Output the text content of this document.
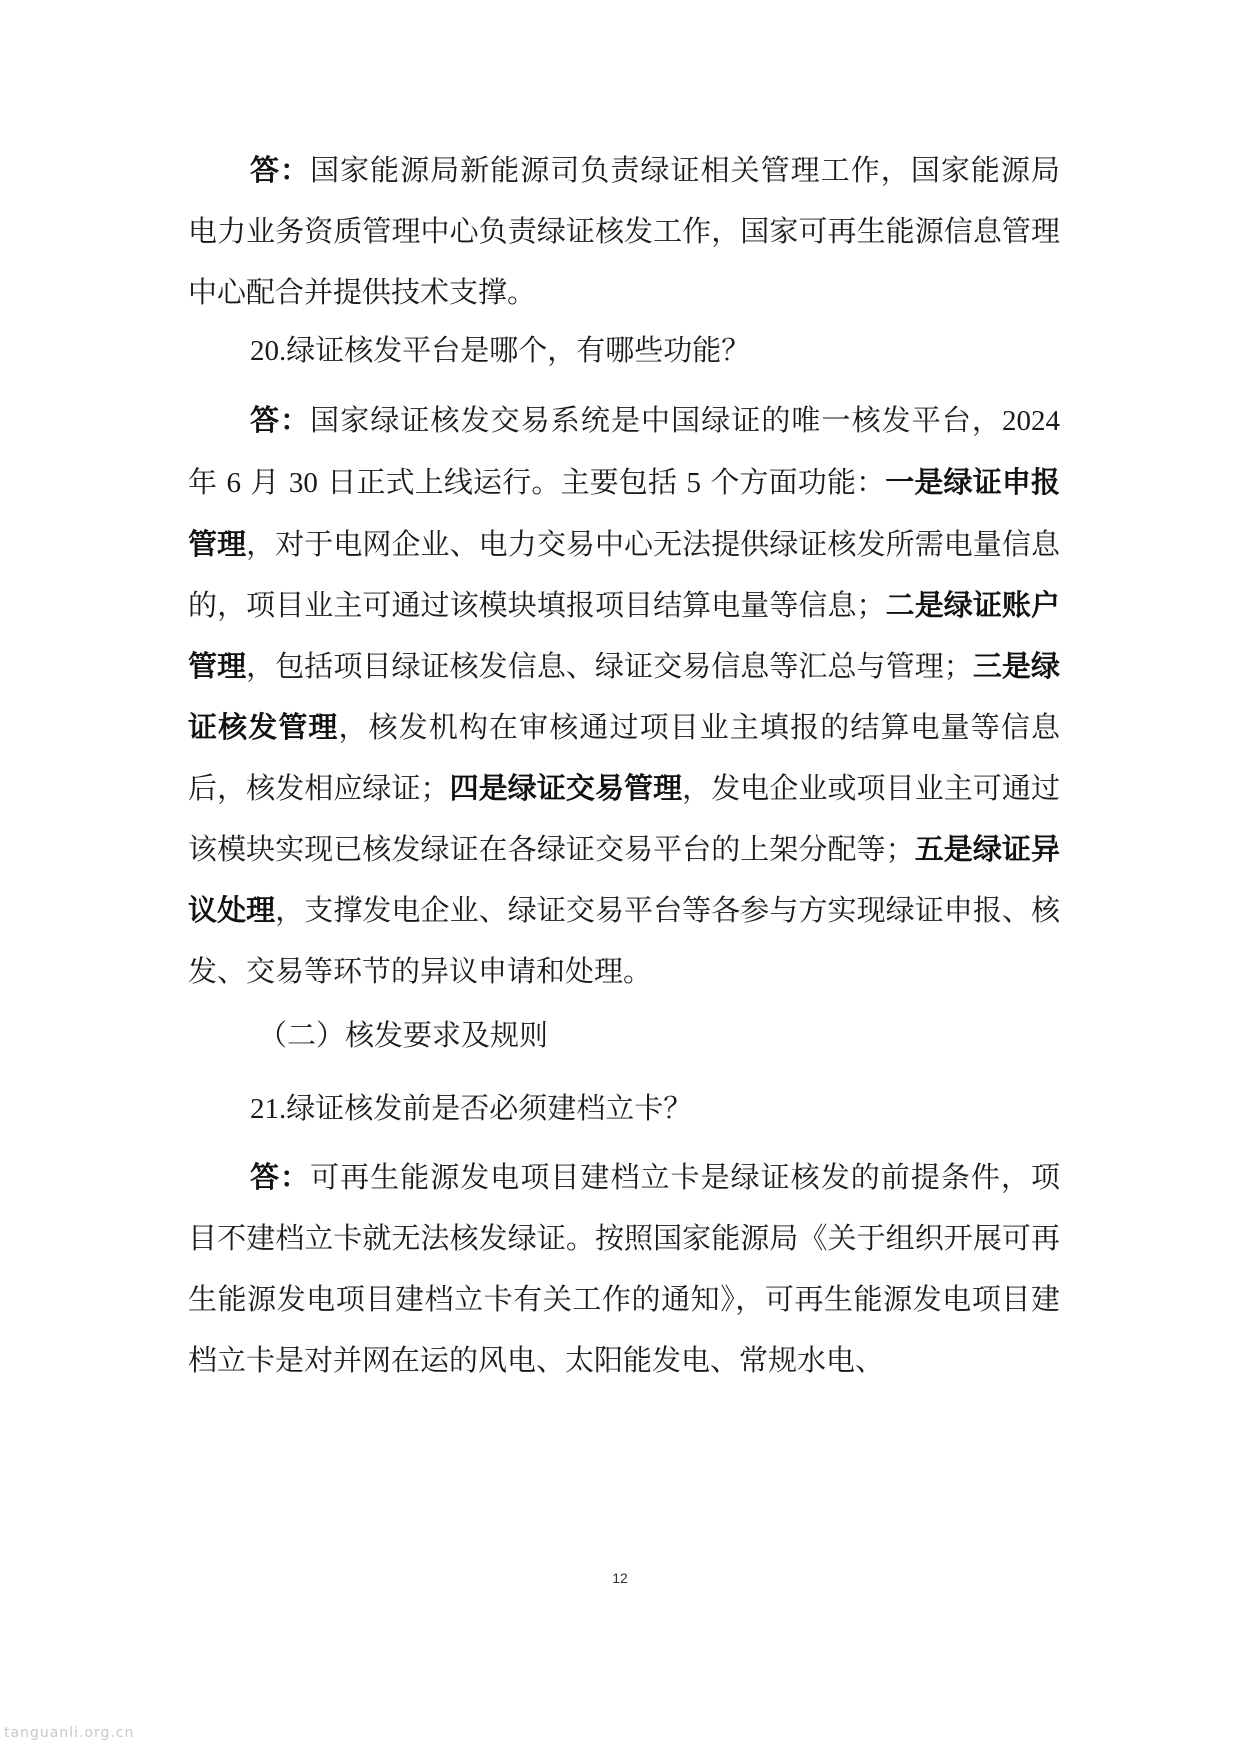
答：国家能源局新能源司负责绿证相关管理工作，国家能源局电力业务资质管理中心负责绿证核发工作，国家可再生能源信息管理中心配合并提供技术支撑。

20.绿证核发平台是哪个，有哪些功能？

答：国家绿证核发交易系统是中国绿证的唯一核发平台，2024 年 6 月 30 日正式上线运行。主要包括 5 个方面功能：一是绿证申报管理，对于电网企业、电力交易中心无法提供绿证核发所需电量信息的，项目业主可通过该模块填报项目结算电量等信息；二是绿证账户管理，包括项目绿证核发信息、绿证交易信息等汇总与管理；三是绿证核发管理，核发机构在审核通过项目业主填报的结算电量等信息后，核发相应绿证；四是绿证交易管理，发电企业或项目业主可通过该模块实现已核发绿证在各绿证交易平台的上架分配等；五是绿证异议处理，支撑发电企业、绿证交易平台等各参与方实现绿证申报、核发、交易等环节的异议申请和处理。

（二）核发要求及规则

21.绿证核发前是否必须建档立卡？

答：可再生能源发电项目建档立卡是绿证核发的前提条件，项目不建档立卡就无法核发绿证。按照国家能源局《关于组织开展可再生能源发电项目建档立卡有关工作的通知》，可再生能源发电项目建档立卡是对并网在运的风电、太阳能发电、常规水电、

12
tanguanli.org.cn
